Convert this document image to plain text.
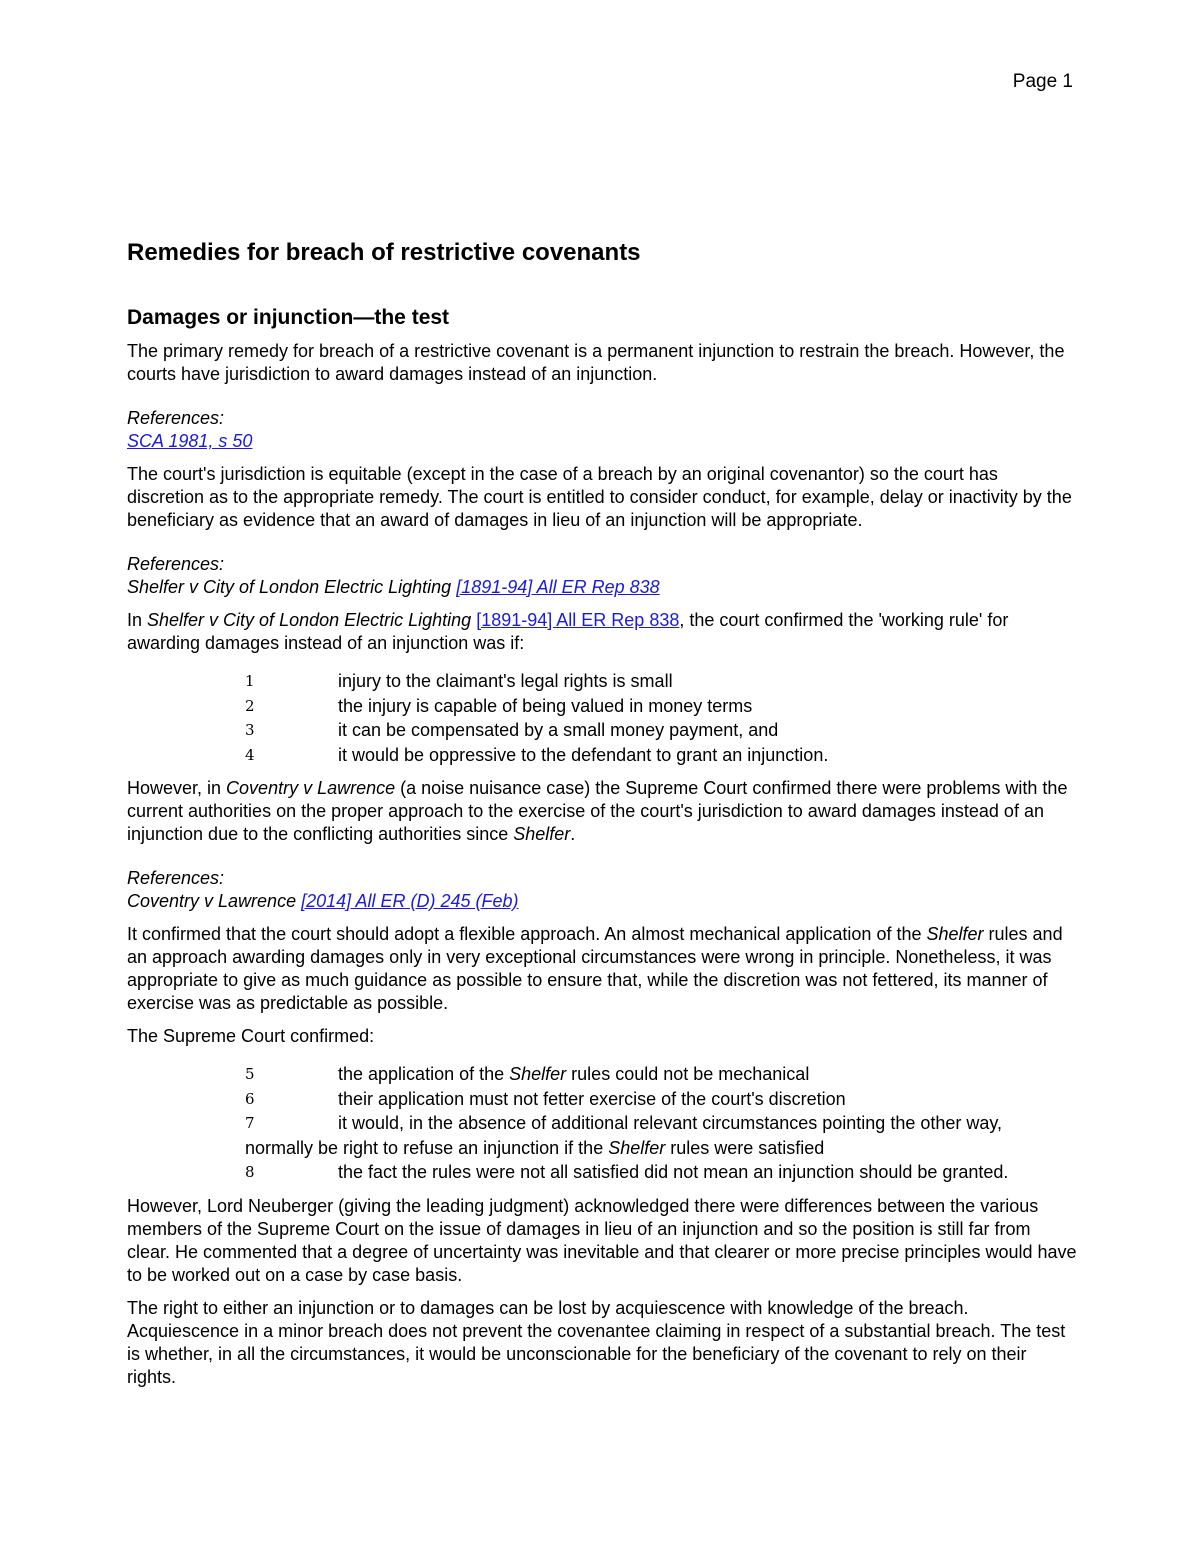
Page 1
Remedies for breach of restrictive covenants
Damages or injunction—the test

The primary remedy for breach of a restrictive covenant is a permanent injunction to restrain the breach. However, the courts have jurisdiction to award damages instead of an injunction.

References:
SCA 1981, s 50

The court's jurisdiction is equitable (except in the case of a breach by an original covenantor) so the court has discretion as to the appropriate remedy. The court is entitled to consider conduct, for example, delay or inactivity by the beneficiary as evidence that an award of damages in lieu of an injunction will be appropriate.

References:
Shelfer v City of London Electric Lighting [1891-94] All ER Rep 838

In Shelfer v City of London Electric Lighting [1891-94] All ER Rep 838, the court confirmed the 'working rule' for awarding damages instead of an injunction was if:

1	injury to the claimant's legal rights is small
2	the injury is capable of being valued in money terms
3	it can be compensated by a small money payment, and
4	it would be oppressive to the defendant to grant an injunction.

However, in Coventry v Lawrence (a noise nuisance case) the Supreme Court confirmed there were problems with the current authorities on the proper approach to the exercise of the court's jurisdiction to award damages instead of an injunction due to the conflicting authorities since Shelfer.

References:
Coventry v Lawrence [2014] All ER (D) 245 (Feb)

It confirmed that the court should adopt a flexible approach. An almost mechanical application of the Shelfer rules and an approach awarding damages only in very exceptional circumstances were wrong in principle. Nonetheless, it was appropriate to give as much guidance as possible to ensure that, while the discretion was not fettered, its manner of exercise was as predictable as possible.

The Supreme Court confirmed:

5	the application of the Shelfer rules could not be mechanical
6	their application must not fetter exercise of the court's discretion
7	it would, in the absence of additional relevant circumstances pointing the other way,
normally be right to refuse an injunction if the Shelfer rules were satisfied
8	the fact the rules were not all satisfied did not mean an injunction should be granted.

However, Lord Neuberger (giving the leading judgment) acknowledged there were differences between the various members of the Supreme Court on the issue of damages in lieu of an injunction and so the position is still far from clear. He commented that a degree of uncertainty was inevitable and that clearer or more precise principles would have to be worked out on a case by case basis.

The right to either an injunction or to damages can be lost by acquiescence with knowledge of the breach. Acquiescence in a minor breach does not prevent the covenantee claiming in respect of a substantial breach. The test is whether, in all the circumstances, it would be unconscionable for the beneficiary of the covenant to rely on their rights.
